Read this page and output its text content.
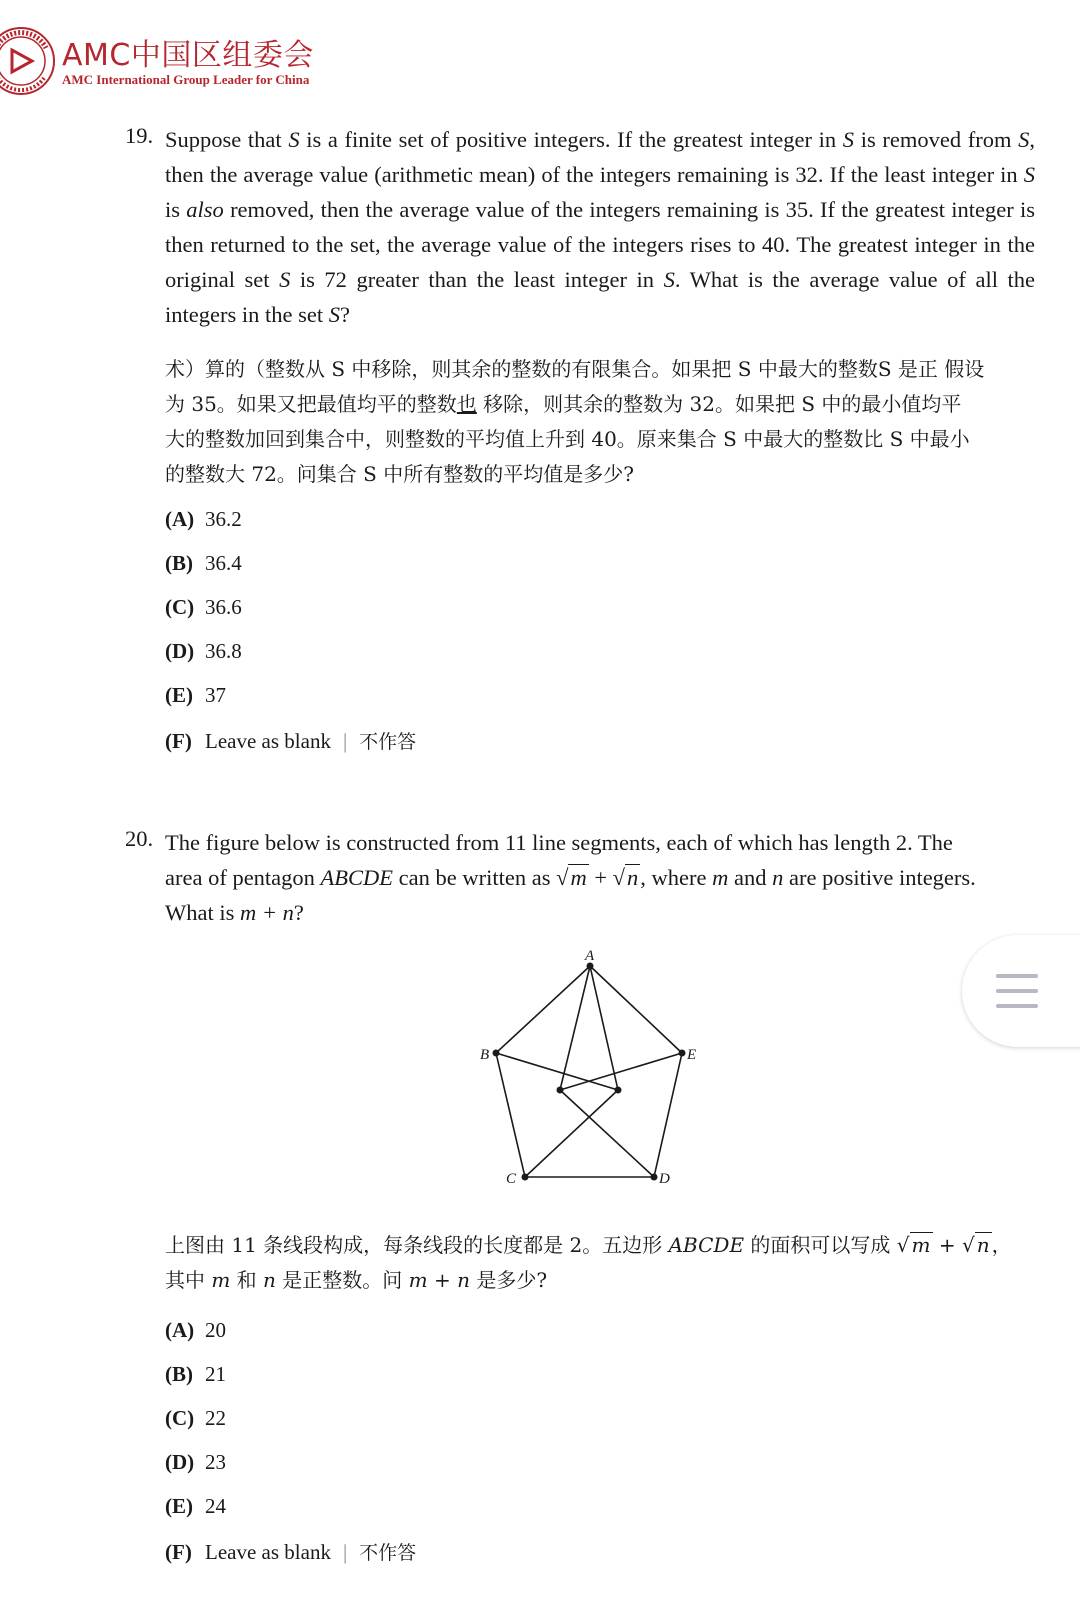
AMC中国区组委会
AMC International Group Leader for China
19. Suppose that S is a finite set of positive integers. If the greatest integer in S is removed from S, then the average value (arithmetic mean) of the integers remaining is 32. If the least integer in S is also removed, then the average value of the integers remaining is 35. If the greatest integer is then returned to the set, the average value of the integers rises to 40. The greatest integer in the original set S is 72 greater than the least integer in S. What is the average value of all the integers in the set S?
术）算的（整数从 S 中移除，则其余的整数的有限集合。如果把 S 中最大的整数S 是正 假设
为 35。如果又把最值均平的整数也 移除，则其余的整数为 32。如果把 S 中的最小值均平
大的整数加回到集合中，则整数的平均值上升到 40。原来集合 S 中最大的整数比 S 中最小
的整数大 72。问集合 S 中所有整数的平均值是多少?
(A) 36.2
(B) 36.4
(C) 36.6
(D) 36.8
(E) 37
(F) Leave as blank | 不作答
20. The figure below is constructed from 11 line segments, each of which has length 2. The
area of pentagon ABCDE can be written as √m + √n, where m and n are positive integers.
What is m + n?
A
B	E
C	D
上图由 11 条线段构成，每条线段的长度都是 2。五边形 ABCDE 的面积可以写成 √ m + √ n ，
其中 m 和 n 是正整数。问 m + n 是多少?
(A) 20
(B) 21
(C) 22
(D) 23
(E) 24
(F) Leave as blank | 不作答
